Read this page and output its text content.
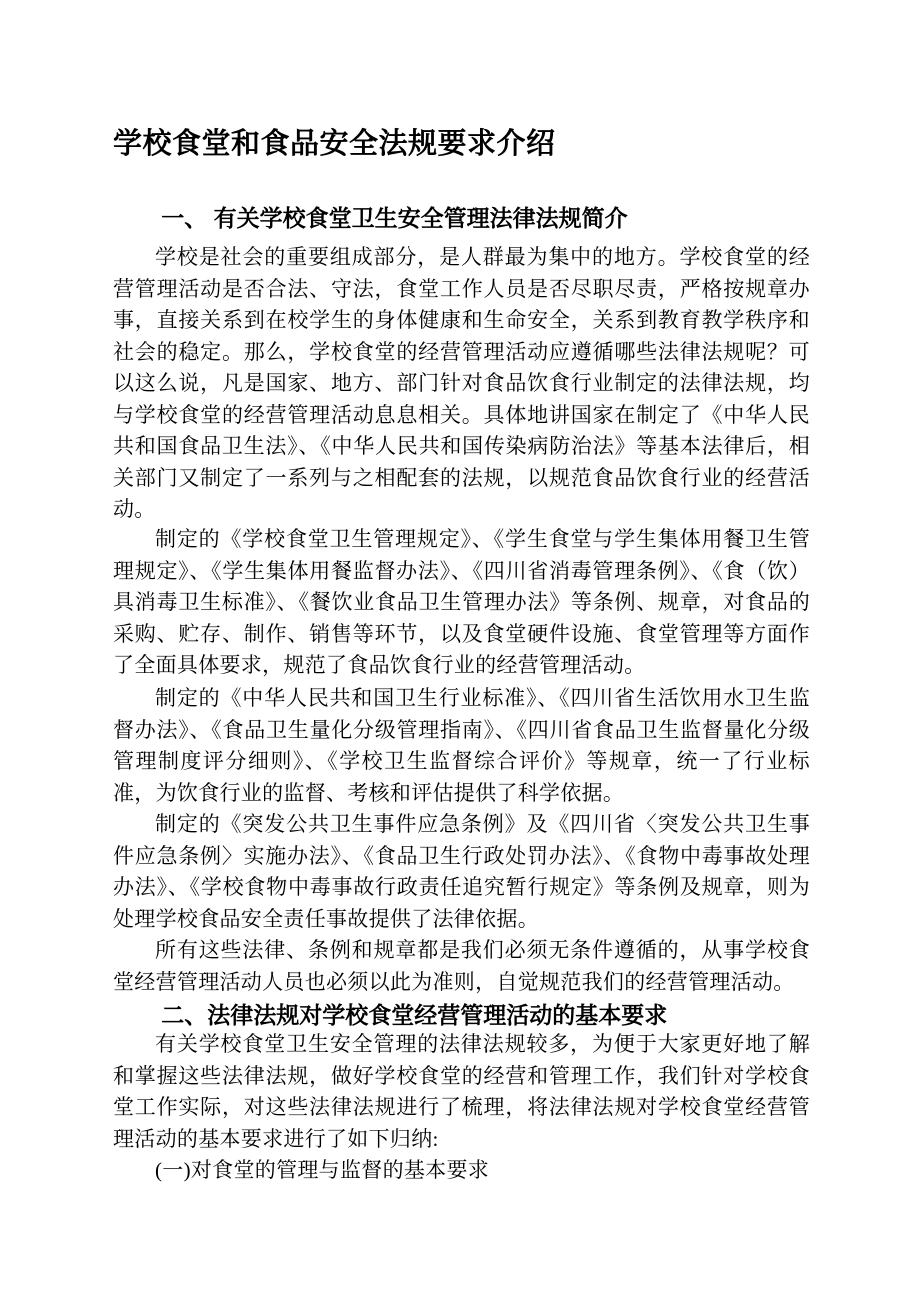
学校食堂和食品安全法规要求介绍
一、 有关学校食堂卫生安全管理法律法规简介

学校是社会的重要组成部分，是人群最为集中的地方。学校食堂的经营管理活动是否合法、守法，食堂工作人员是否尽职尽责，严格按规章办事，直接关系到在校学生的身体健康和生命安全，关系到教育教学秩序和社会的稳定。那么，学校食堂的经营管理活动应遵循哪些法律法规呢？可以这么说，凡是国家、地方、部门针对食品饮食行业制定的法律法规，均与学校食堂的经营管理活动息息相关。具体地讲国家在制定了《中华人民共和国食品卫生法》、《中华人民共和国传染病防治法》等基本法律后，相关部门又制定了一系列与之相配套的法规，以规范食品饮食行业的经营活动。

制定的《学校食堂卫生管理规定》、《学生食堂与学生集体用餐卫生管理规定》、《学生集体用餐监督办法》、《四川省消毒管理条例》、《食（饮）具消毒卫生标准》、《餐饮业食品卫生管理办法》等条例、规章，对食品的采购、贮存、制作、销售等环节，以及食堂硬件设施、食堂管理等方面作了全面具体要求，规范了食品饮食行业的经营管理活动。

制定的《中华人民共和国卫生行业标准》、《四川省生活饮用水卫生监督办法》、《食品卫生量化分级管理指南》、《四川省食品卫生监督量化分级管理制度评分细则》、《学校卫生监督综合评价》等规章，统一了行业标准，为饮食行业的监督、考核和评估提供了科学依据。

制定的《突发公共卫生事件应急条例》及《四川省〈突发公共卫生事件应急条例〉实施办法》、《食品卫生行政处罚办法》、《食物中毒事故处理办法》、《学校食物中毒事故行政责任追究暂行规定》等条例及规章，则为处理学校食品安全责任事故提供了法律依据。

所有这些法律、条例和规章都是我们必须无条件遵循的，从事学校食堂经营管理活动人员也必须以此为准则，自觉规范我们的经营管理活动。

二、法律法规对学校食堂经营管理活动的基本要求

有关学校食堂卫生安全管理的法律法规较多，为便于大家更好地了解和掌握这些法律法规，做好学校食堂的经营和管理工作，我们针对学校食堂工作实际，对这些法律法规进行了梳理，将法律法规对学校食堂经营管理活动的基本要求进行了如下归纳:

(一)对食堂的管理与监督的基本要求
